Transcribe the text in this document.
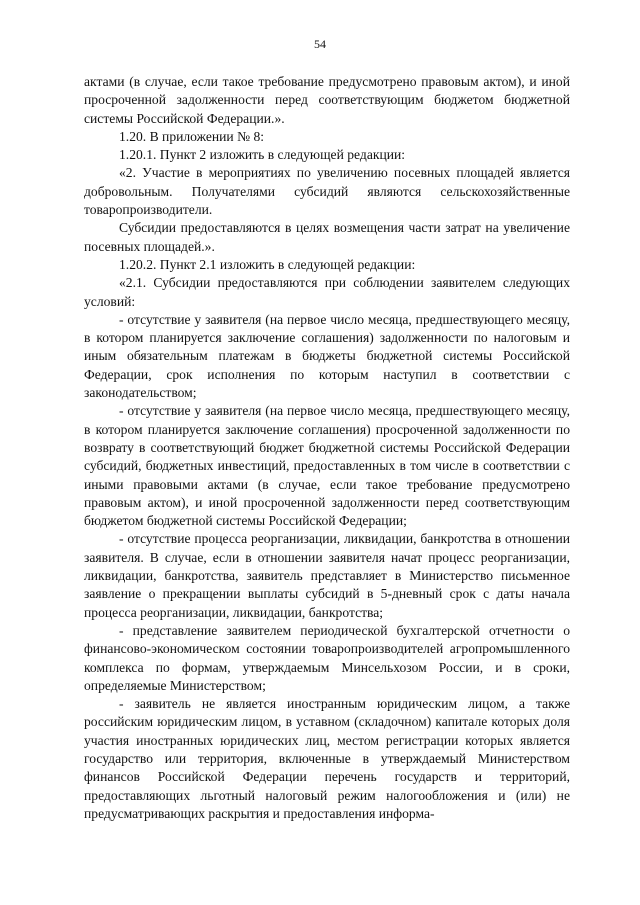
54

актами (в случае, если такое требование предусмотрено правовым актом), и иной просроченной задолженности перед соответствующим бюджетом бюджетной системы Российской Федерации.».

1.20. В приложении № 8:

1.20.1. Пункт 2 изложить в следующей редакции:

«2. Участие в мероприятиях по увеличению посевных площадей является добровольным. Получателями субсидий являются сельскохозяйственные товаропроизводители.

Субсидии предоставляются в целях возмещения части затрат на увеличение посевных площадей.».

1.20.2. Пункт 2.1 изложить в следующей редакции:

«2.1. Субсидии предоставляются при соблюдении заявителем следующих условий:

- отсутствие у заявителя (на первое число месяца, предшествующего месяцу, в котором планируется заключение соглашения) задолженности по налоговым и иным обязательным платежам в бюджеты бюджетной системы Российской Федерации, срок исполнения по которым наступил в соответствии с законодательством;

- отсутствие у заявителя (на первое число месяца, предшествующего месяцу, в котором планируется заключение соглашения) просроченной задолженности по возврату в соответствующий бюджет бюджетной системы Российской Федерации субсидий, бюджетных инвестиций, предоставленных в том числе в соответствии с иными правовыми актами (в случае, если такое требование предусмотрено правовым актом), и иной просроченной задолженности перед соответствующим бюджетом бюджетной системы Российской Федерации;

- отсутствие процесса реорганизации, ликвидации, банкротства в отношении заявителя. В случае, если в отношении заявителя начат процесс реорганизации, ликвидации, банкротства, заявитель представляет в Министерство письменное заявление о прекращении выплаты субсидий в 5-дневный срок с даты начала процесса реорганизации, ликвидации, банкротства;

- представление заявителем периодической бухгалтерской отчетности о финансово-экономическом состоянии товаропроизводителей агропромышленного комплекса по формам, утверждаемым Минсельхозом России, и в сроки, определяемые Министерством;

- заявитель не является иностранным юридическим лицом, а также российским юридическим лицом, в уставном (складочном) капитале которых доля участия иностранных юридических лиц, местом регистрации которых является государство или территория, включенные в утверждаемый Министерством финансов Российской Федерации перечень государств и территорий, предоставляющих льготный налоговый режим налогообложения и (или) не предусматривающих раскрытия и предоставления информа-
